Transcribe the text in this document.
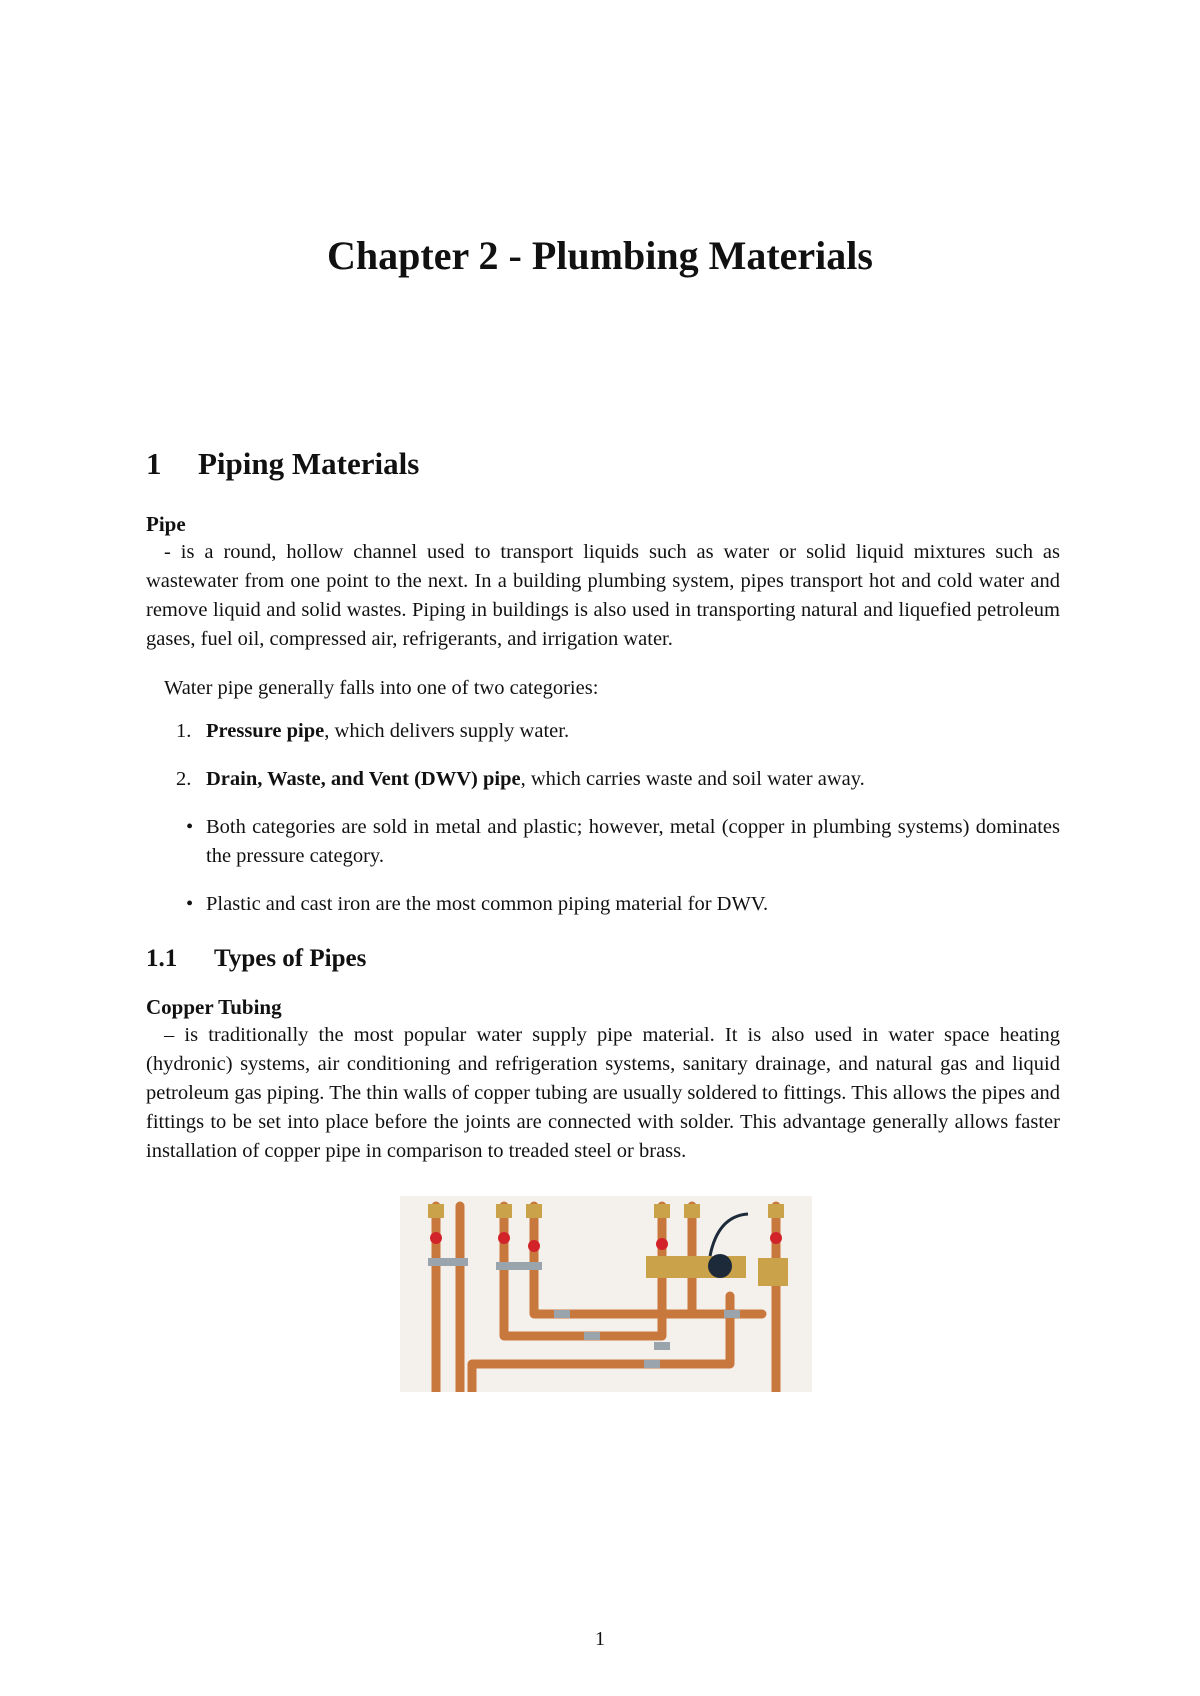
Chapter 2 - Plumbing Materials
1 Piping Materials
Pipe

- is a round, hollow channel used to transport liquids such as water or solid liquid mixtures such as wastewater from one point to the next. In a building plumbing system, pipes transport hot and cold water and remove liquid and solid wastes. Piping in buildings is also used in transporting natural and liquefied petroleum gases, fuel oil, compressed air, refrigerants, and irrigation water.

Water pipe generally falls into one of two categories:

1. Pressure pipe, which delivers supply water.
2. Drain, Waste, and Vent (DWV) pipe, which carries waste and soil water away.
• Both categories are sold in metal and plastic; however, metal (copper in plumbing systems) dominates the pressure category.
• Plastic and cast iron are the most common piping material for DWV.
1.1 Types of Pipes
Copper Tubing

– is traditionally the most popular water supply pipe material. It is also used in water space heating (hydronic) systems, air conditioning and refrigeration systems, sanitary drainage, and natural gas and liquid petroleum gas piping. The thin walls of copper tubing are usually soldered to fittings. This allows the pipes and fittings to be set into place before the joints are connected with solder. This advantage generally allows faster installation of copper pipe in comparison to treaded steel or brass.

1
